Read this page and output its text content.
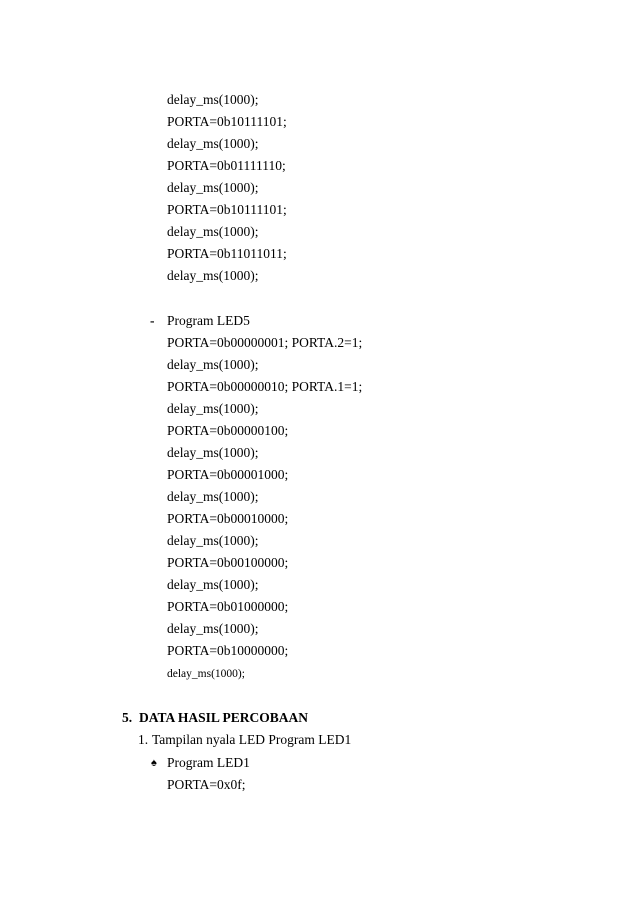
delay_ms(1000);
PORTA=0b10111101;
delay_ms(1000);
PORTA=0b01111110;
delay_ms(1000);
PORTA=0b10111101;
delay_ms(1000);
PORTA=0b11011011;
delay_ms(1000);
- Program LED5
PORTA=0b00000001; PORTA.2=1;
delay_ms(1000);
PORTA=0b00000010; PORTA.1=1;
delay_ms(1000);
PORTA=0b00000100;
delay_ms(1000);
PORTA=0b00001000;
delay_ms(1000);
PORTA=0b00010000;
delay_ms(1000);
PORTA=0b00100000;
delay_ms(1000);
PORTA=0b01000000;
delay_ms(1000);
PORTA=0b10000000;
delay_ms(1000);
5. DATA HASIL PERCOBAAN
1. Tampilan nyala LED Program LED1
♠ Program LED1
PORTA=0x0f;
